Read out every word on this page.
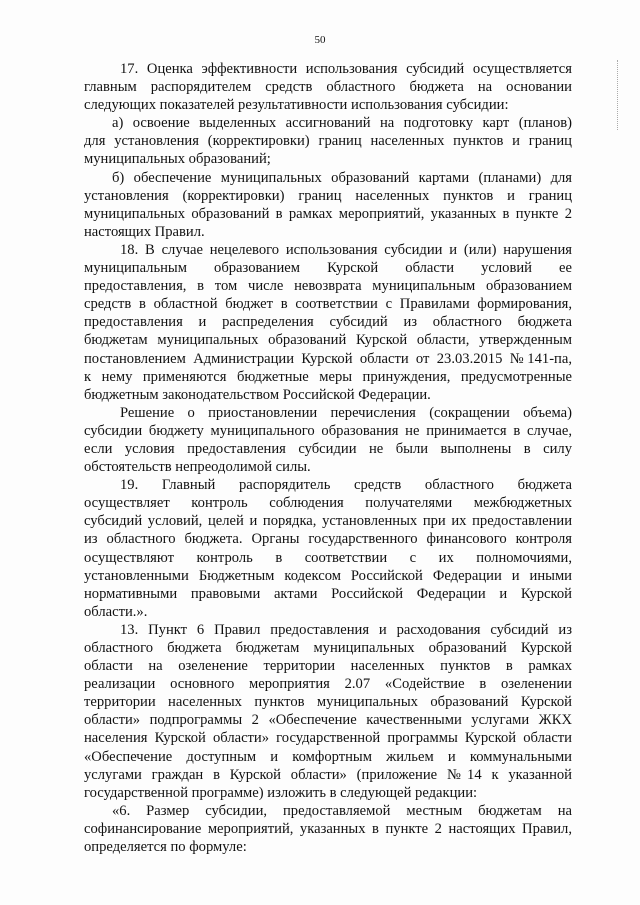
50
17. Оценка эффективности использования субсидий осуществляется
главным распорядителем средств областного бюджета на основании
следующих показателей результативности использования субсидии:
а) освоение выделенных ассигнований на подготовку карт (планов)
для установления (корректировки) границ населенных пунктов и границ
муниципальных образований;
б) обеспечение муниципальных образований картами (планами) для
установления (корректировки) границ населенных пунктов и границ
муниципальных образований в рамках мероприятий, указанных в пункте 2
настоящих Правил.
18. В случае нецелевого использования субсидии и (или) нарушения
муниципальным образованием Курской области условий ее
предоставления, в том числе невозврата муниципальным образованием
средств в областной бюджет в соответствии с Правилами формирования,
предоставления и распределения субсидий из областного бюджета
бюджетам муниципальных образований Курской области, утвержденным
постановлением Администрации Курской области от 23.03.2015 №141-па,
к нему применяются бюджетные меры принуждения, предусмотренные
бюджетным законодательством Российской Федерации.
Решение о приостановлении перечисления (сокращении объема)
субсидии бюджету муниципального образования не принимается в случае,
если условия предоставления субсидии не были выполнены в силу
обстоятельств непреодолимой силы.
19. Главный распорядитель средств областного бюджета
осуществляет контроль соблюдения получателями межбюджетных
субсидий условий, целей и порядка, установленных при их предоставлении
из областного бюджета. Органы государственного финансового контроля
осуществляют контроль в соответствии с их полномочиями,
установленными Бюджетным кодексом Российской Федерации и иными
нормативными правовыми актами Российской Федерации и Курской
области.».
13. Пункт 6 Правил предоставления и расходования субсидий из
областного бюджета бюджетам муниципальных образований Курской
области на озеленение территории населенных пунктов в рамках
реализации основного мероприятия 2.07 «Содействие в озеленении
территории населенных пунктов муниципальных образований Курской
области» подпрограммы 2 «Обеспечение качественными услугами ЖКХ
населения Курской области» государственной программы Курской области
«Обеспечение доступным и комфортным жильем и коммунальными
услугами граждан в Курской области» (приложение №14 к указанной
государственной программе) изложить в следующей редакции:
«6. Размер субсидии, предоставляемой местным бюджетам на
софинансирование мероприятий, указанных в пункте 2 настоящих Правил,
определяется по формуле:
